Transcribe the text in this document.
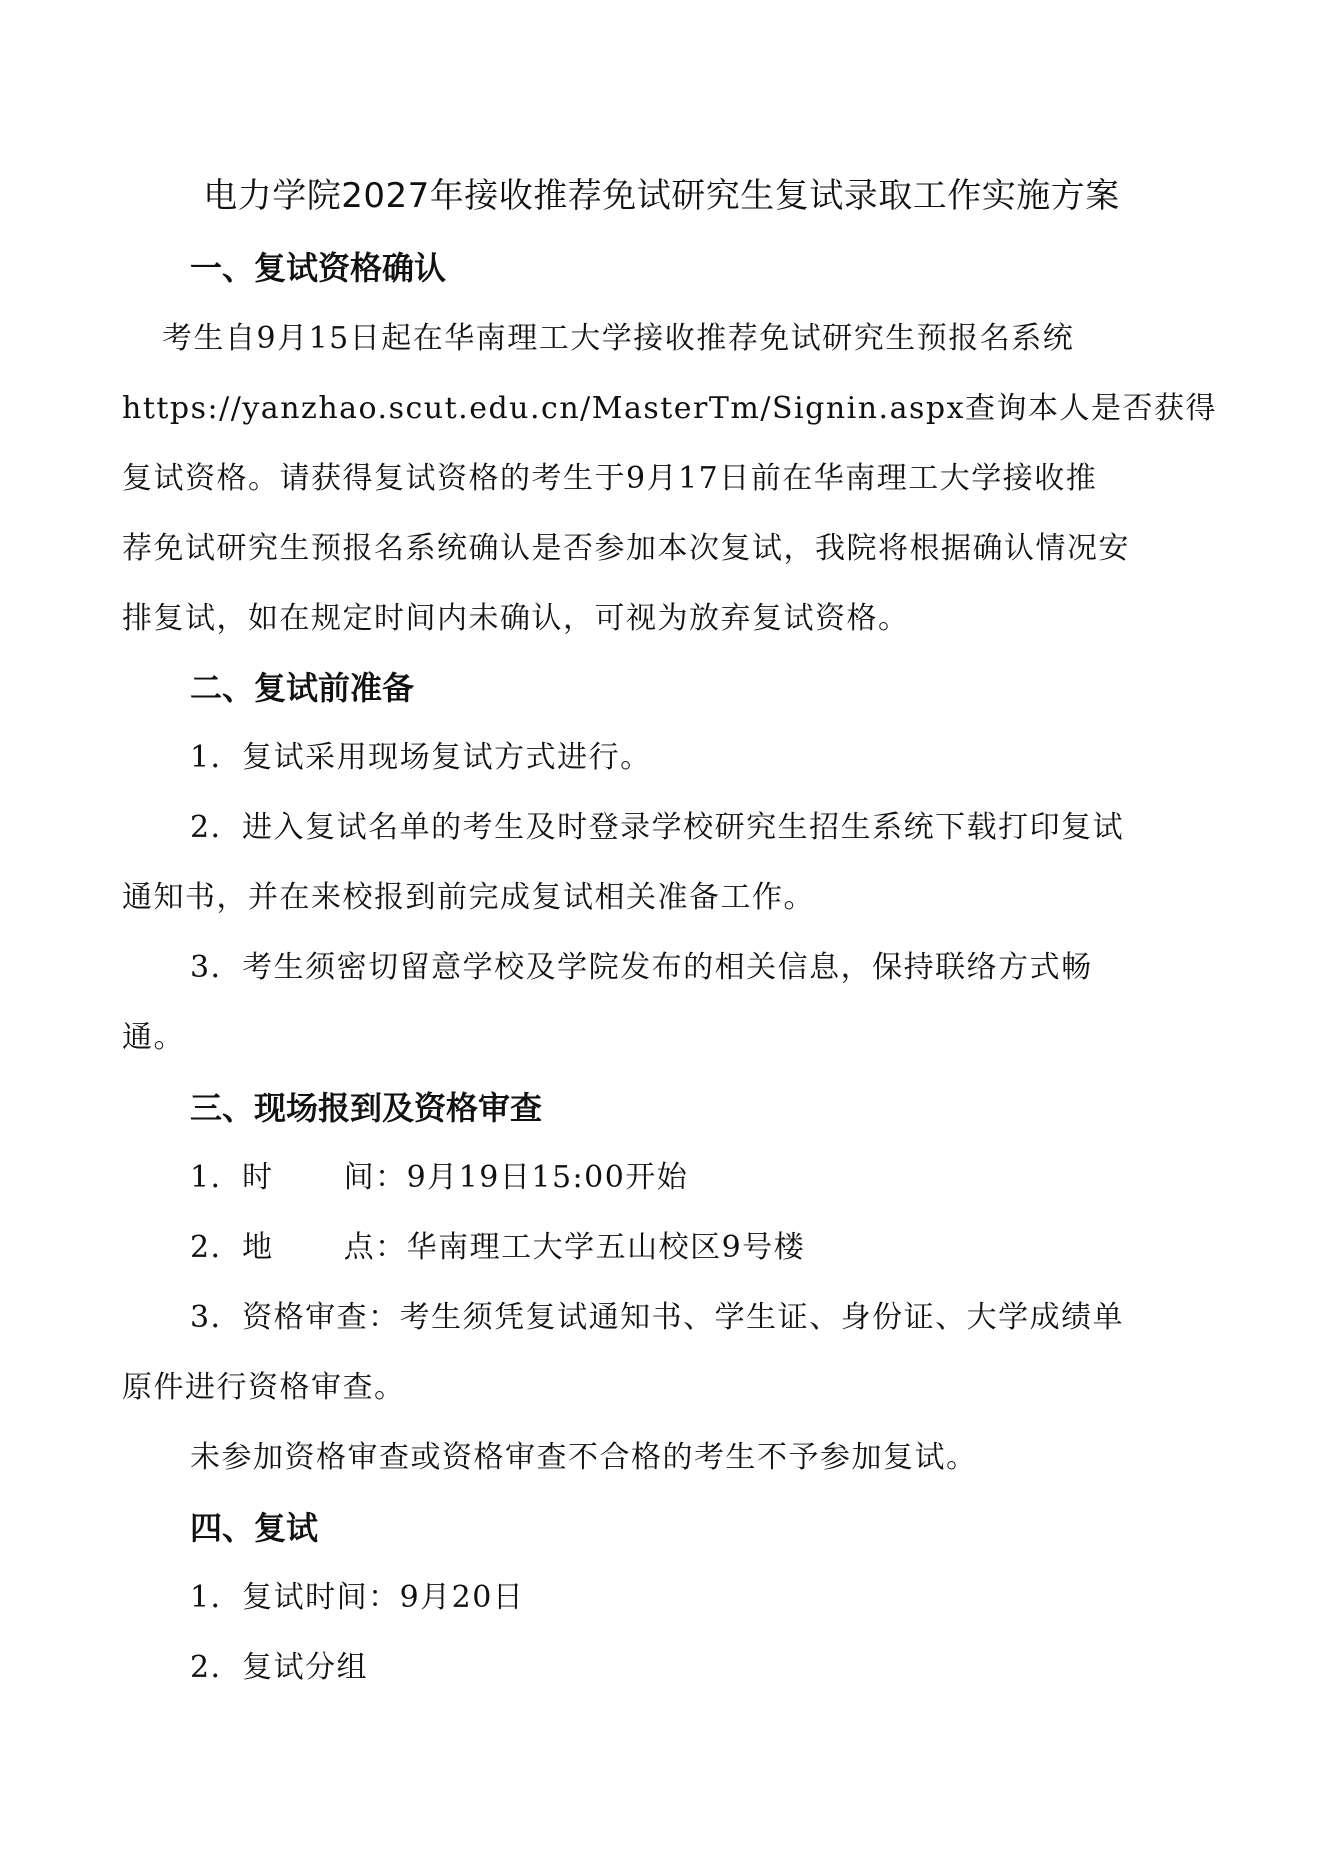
电力学院2027年接收推荐免试研究生复试录取工作实施方案
一、复试资格确认
考生自9月15日起在华南理工大学接收推荐免试研究生预报名系统
https://yanzhao.scut.edu.cn/MasterTm/Signin.aspx查询本人是否获得
复试资格。请获得复试资格的考生于9月17日前在华南理工大学接收推
荐免试研究生预报名系统确认是否参加本次复试，我院将根据确认情况安
排复试，如在规定时间内未确认，可视为放弃复试资格。
二、复试前准备
1．复试采用现场复试方式进行。
2．进入复试名单的考生及时登录学校研究生招生系统下载打印复试
通知书，并在来校报到前完成复试相关准备工作。
3．考生须密切留意学校及学院发布的相关信息，保持联络方式畅
通。
三、现场报到及资格审查
1．时 间：9月19日15:00开始
2．地 点：华南理工大学五山校区9号楼
3．资格审查：考生须凭复试通知书、学生证、身份证、大学成绩单
原件进行资格审查。
未参加资格审查或资格审查不合格的考生不予参加复试。
四、复试
1．复试时间：9月20日
2．复试分组
